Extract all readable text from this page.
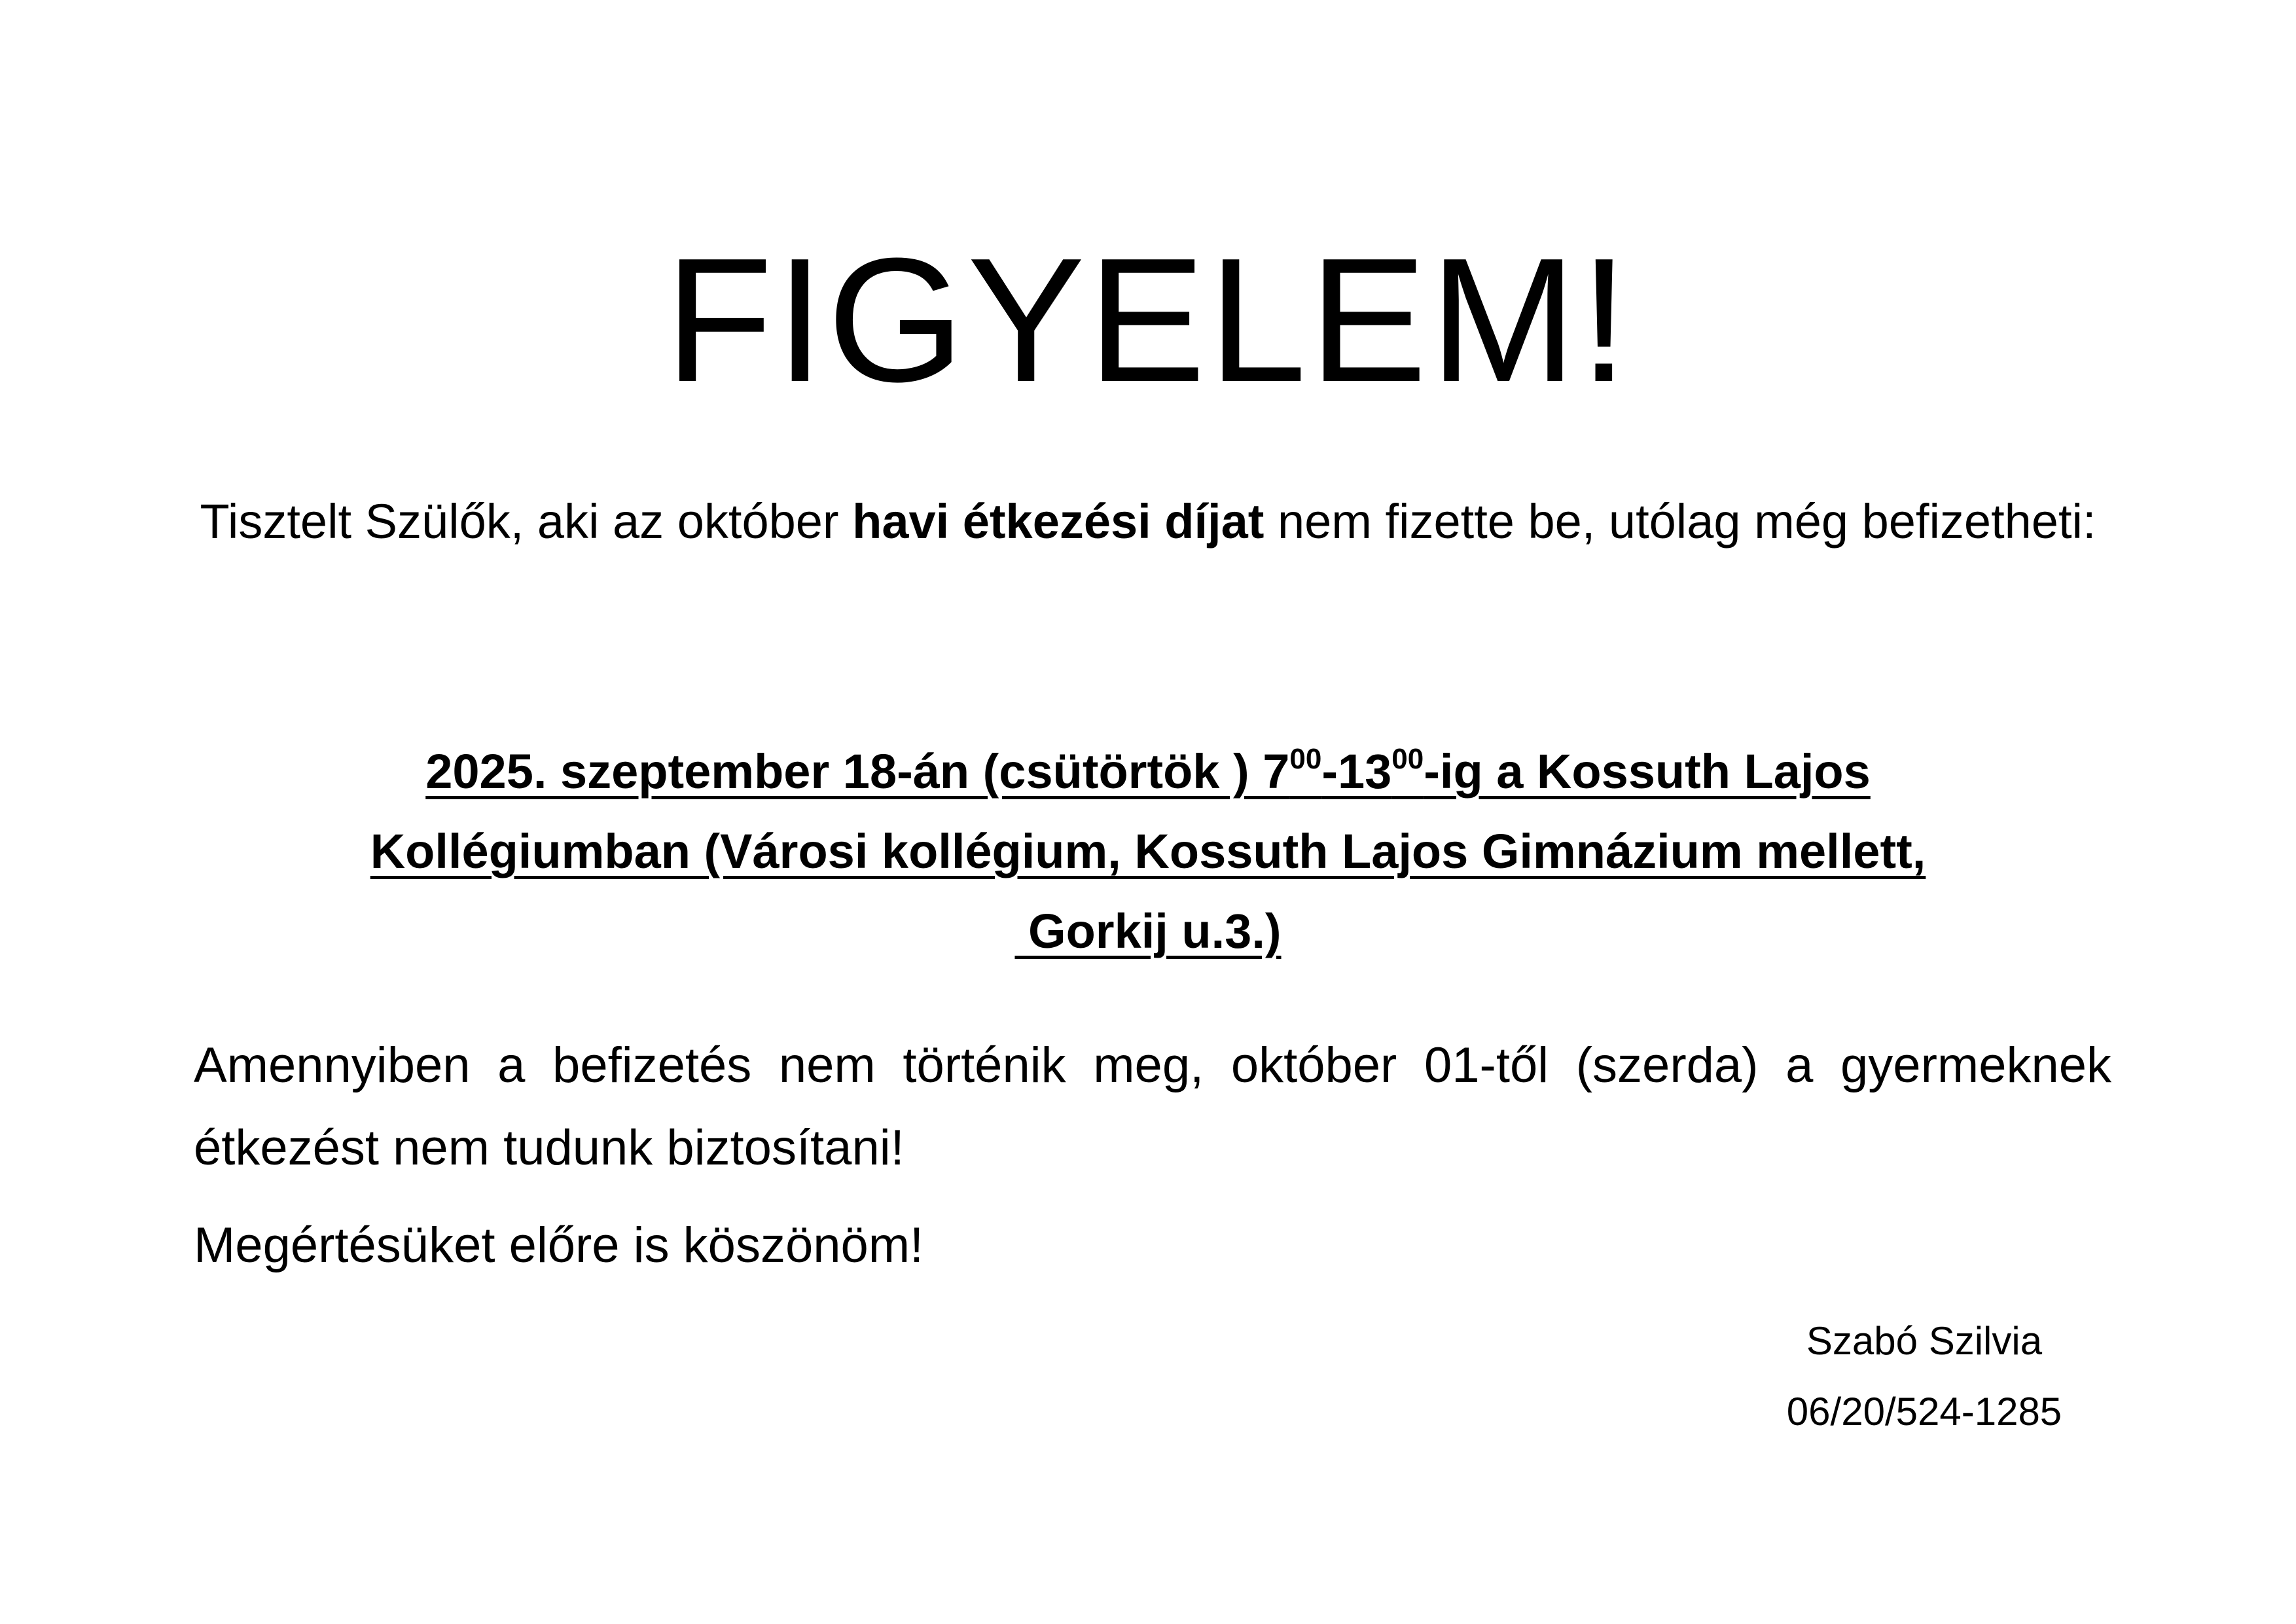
FIGYELEM!
Tisztelt Szülők, aki az október havi étkezési díjat nem fizette be, utólag még befizetheti:
2025. szeptember 18-án (csütörtök ) $7^{00}-13^{00}-ig$ a Kossuth Lajos
Kollégiumban (Városi kollégium, Kossuth Lajos Gimnázium mellett,
Gorkij u.3.)
Amennyiben a befizetés nem történik meg, október 01-től (szerda) a gyermeknek étkezést nem tudunk biztosítani!
Megértésüket előre is köszönöm!
Szabó Szilvia
06/20/524-1285
